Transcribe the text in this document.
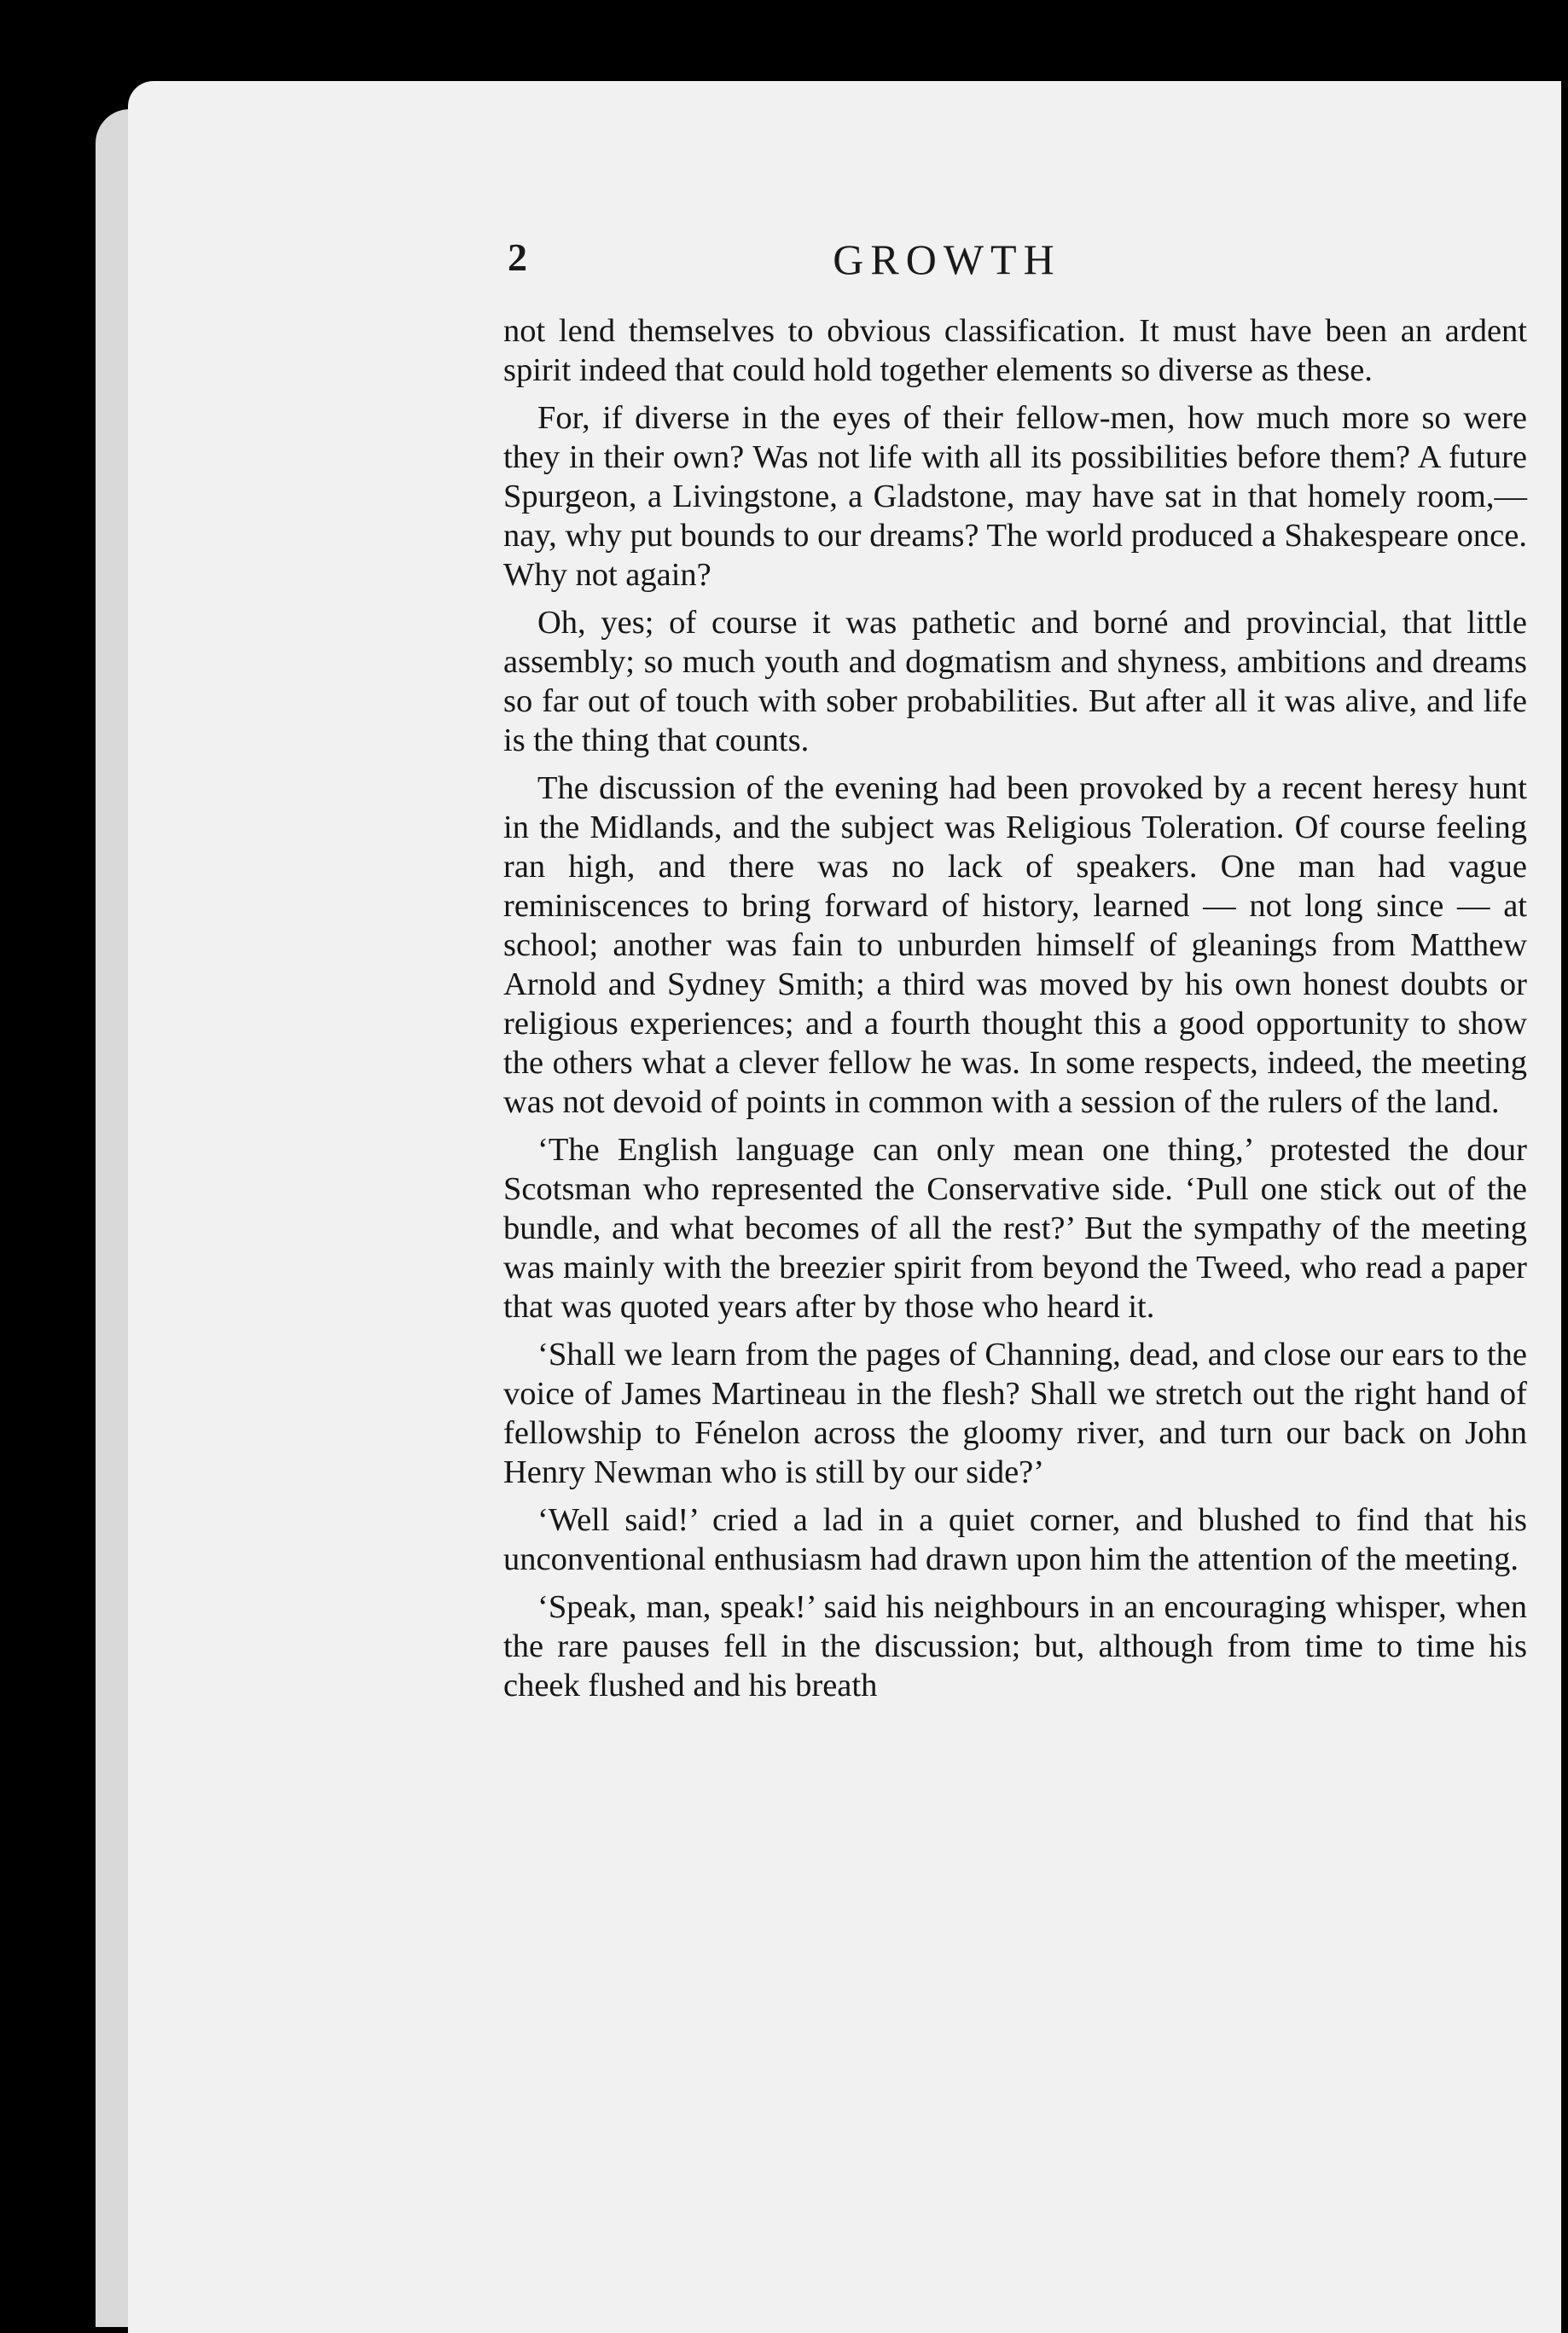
2	GROWTH

not lend themselves to obvious classification. It must have been an ardent spirit indeed that could hold together elements so diverse as these.

For, if diverse in the eyes of their fellow-men, how much more so were they in their own? Was not life with all its possibilities before them? A future Spurgeon, a Livingstone, a Gladstone, may have sat in that homely room,—nay, why put bounds to our dreams? The world produced a Shakespeare once. Why not again?

Oh, yes; of course it was pathetic and borné and provincial, that little assembly; so much youth and dogmatism and shyness, ambitions and dreams so far out of touch with sober probabilities. But after all it was alive, and life is the thing that counts.

The discussion of the evening had been provoked by a recent heresy hunt in the Midlands, and the subject was Religious Toleration. Of course feeling ran high, and there was no lack of speakers. One man had vague reminiscences to bring forward of history, learned — not long since — at school; another was fain to unburden himself of gleanings from Matthew Arnold and Sydney Smith; a third was moved by his own honest doubts or religious experiences; and a fourth thought this a good opportunity to show the others what a clever fellow he was. In some respects, indeed, the meeting was not devoid of points in common with a session of the rulers of the land.

‘The English language can only mean one thing,’ protested the dour Scotsman who represented the Conservative side. ‘Pull one stick out of the bundle, and what becomes of all the rest?’ But the sympathy of the meeting was mainly with the breezier spirit from beyond the Tweed, who read a paper that was quoted years after by those who heard it.

‘Shall we learn from the pages of Channing, dead, and close our ears to the voice of James Martineau in the flesh? Shall we stretch out the right hand of fellowship to Fénelon across the gloomy river, and turn our back on John Henry Newman who is still by our side?’

‘Well said!’ cried a lad in a quiet corner, and blushed to find that his unconventional enthusiasm had drawn upon him the attention of the meeting.

‘Speak, man, speak!’ said his neighbours in an encouraging whisper, when the rare pauses fell in the discussion; but, although from time to time his cheek flushed and his breath
